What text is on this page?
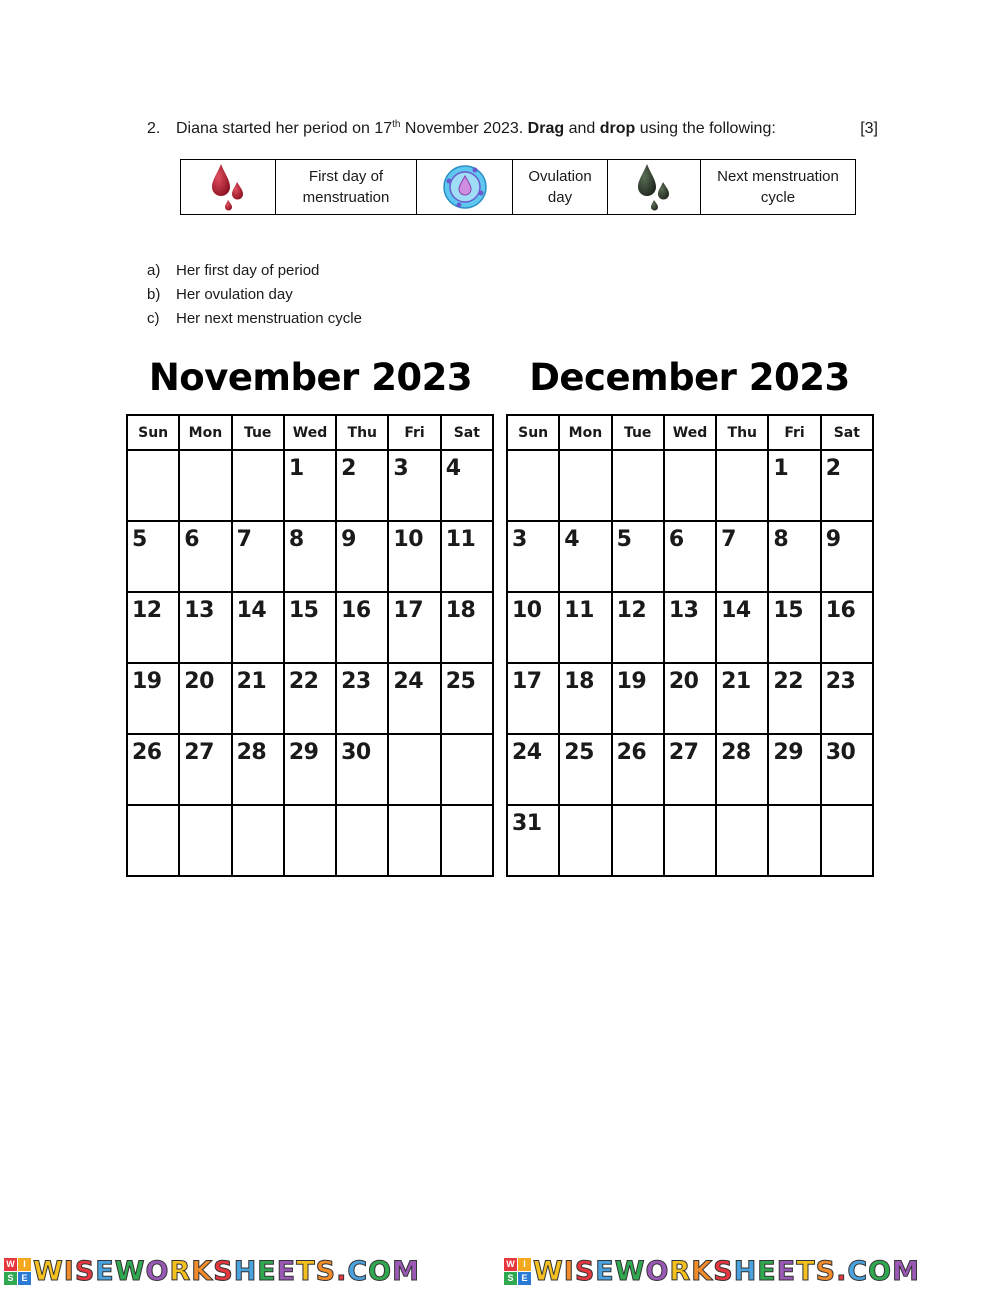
2. Diana started her period on 17th November 2023. Drag and drop using the following:	[3]

First day of
menstruation

Ovulation
day

Next menstruation
cycle
a) Her first day of period
b) Her ovulation day
c) Her next menstruation cycle
November 2023	December 2023
Sun	Mon	Tue	Wed	Thu	Fri	Sat

			1	2	3	4

5	6	7	8	9	10	11

12	13	14	15	16	17	18

19	20	21	22	23	24	25

26	27	28	29	30		

Sun	Mon	Tue	Wed	Thu	Fri	Sat

					1	2

3	4	5	6	7	8	9

10	11	12	13	14	15	16

17	18	19	20	21	22	23

24	25	26	27	28	29	30

31						

W I
S E WISEWORKSHEETS.COM	W I
S E WISEWORKSHEETS.COM
